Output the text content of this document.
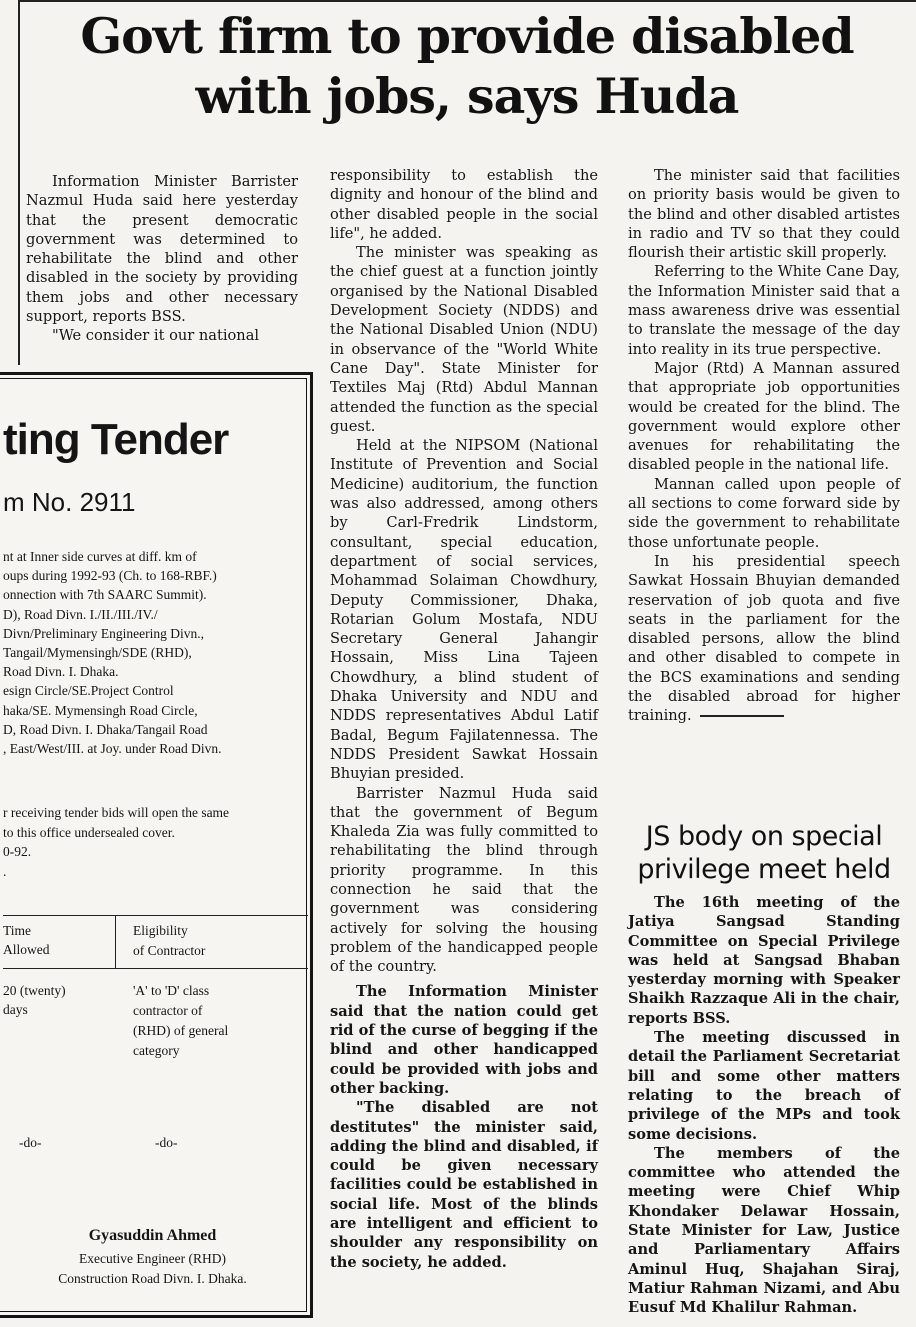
Govt firm to provide disabled
with jobs, says Huda

Information Minister Barrister Nazmul Huda said here yesterday that the present democratic government was determined to rehabilitate the blind and other disabled in the society by providing them jobs and other necessary support, reports BSS.

"We consider it our national

responsibility to establish the dignity and honour of the blind and other disabled people in the social life", he added.

The minister was speaking as the chief guest at a function jointly organised by the National Disabled Development Society (NDDS) and the National Disabled Union (NDU) in observance of the "World White Cane Day". State Minister for Textiles Maj (Rtd) Abdul Mannan attended the function as the special guest.

Held at the NIPSOM (National Institute of Prevention and Social Medicine) auditorium, the function was also addressed, among others by Carl-Fredrik Lindstorm, consultant, special education, department of social services, Mohammad Solaiman Chowdhury, Deputy Commissioner, Dhaka, Rotarian Golum Mostafa, NDU Secretary General Jahangir Hossain, Miss Lina Tajeen Chowdhury, a blind student of Dhaka University and NDU and NDDS representatives Abdul Latif Badal, Begum Fajilatennessa. The NDDS President Sawkat Hossain Bhuyian presided.

Barrister Nazmul Huda said that the government of Begum Khaleda Zia was fully committed to rehabilitating the blind through priority programme. In this connection he said that the government was considering actively for solving the housing problem of the handicapped people of the country.

The Information Minister said that the nation could get rid of the curse of begging if the blind and other handicapped could be provided with jobs and other backing.

"The disabled are not destitutes" the minister said, adding the blind and disabled, if could be given necessary facilities could be established in social life. Most of the blinds are intelligent and efficient to shoulder any responsibility on the society, he added.

The minister said that facilities on priority basis would be given to the blind and other disabled artistes in radio and TV so that they could flourish their artistic skill properly.

Referring to the White Cane Day, the Information Minister said that a mass awareness drive was essential to translate the message of the day into reality in its true perspective.

Major (Rtd) A Mannan assured that appropriate job opportunities would be created for the blind. The government would explore other avenues for rehabilitating the disabled people in the national life.

Mannan called upon people of all sections to come forward side by side the government to rehabilitate those unfortunate people.

In his presidential speech Sawkat Hossain Bhuyian demanded reservation of job quota and five seats in the parliament for the disabled persons, allow the blind and other disabled to compete in the BCS examinations and sending the disabled abroad for higher training.

JS body on special
privilege meet held

The 16th meeting of the Jatiya Sangsad Standing Committee on Special Privilege was held at Sangsad Bhaban yesterday morning with Speaker Shaikh Razzaque Ali in the chair, reports BSS.

The meeting discussed in detail the Parliament Secretariat bill and some other matters relating to the breach of privilege of the MPs and took some decisions.

The members of the committee who attended the meeting were Chief Whip Khondaker Delawar Hossain, State Minister for Law, Justice and Parliamentary Affairs Aminul Huq, Shajahan Siraj, Matiur Rahman Nizami, and Abu Eusuf Md Khalilur Rahman.

ting Tender
m No. 2911
nt at Inner side curves at diff. km of
oups during 1992-93 (Ch. to 168-RBF.)
onnection with 7th SAARC Summit).
D), Road Divn. I./II./III./IV./
Divn/Preliminary Engineering Divn.,
Tangail/Mymensingh/SDE (RHD),
Road Divn. I. Dhaka.
esign Circle/SE.Project Control
haka/SE. Mymensingh Road Circle,
D, Road Divn. I. Dhaka/Tangail Road
, East/West/III. at Joy. under Road Divn.
r receiving tender bids will open the same
to this office undersealed cover.
0-92.
.
Time
Allowed
Eligibility
of Contractor
20 (twenty)
days
'A' to 'D' class
contractor of
(RHD) of general
category
-do-	-do-
Gyasuddin Ahmed
Executive Engineer (RHD)
Construction Road Divn. I. Dhaka.
